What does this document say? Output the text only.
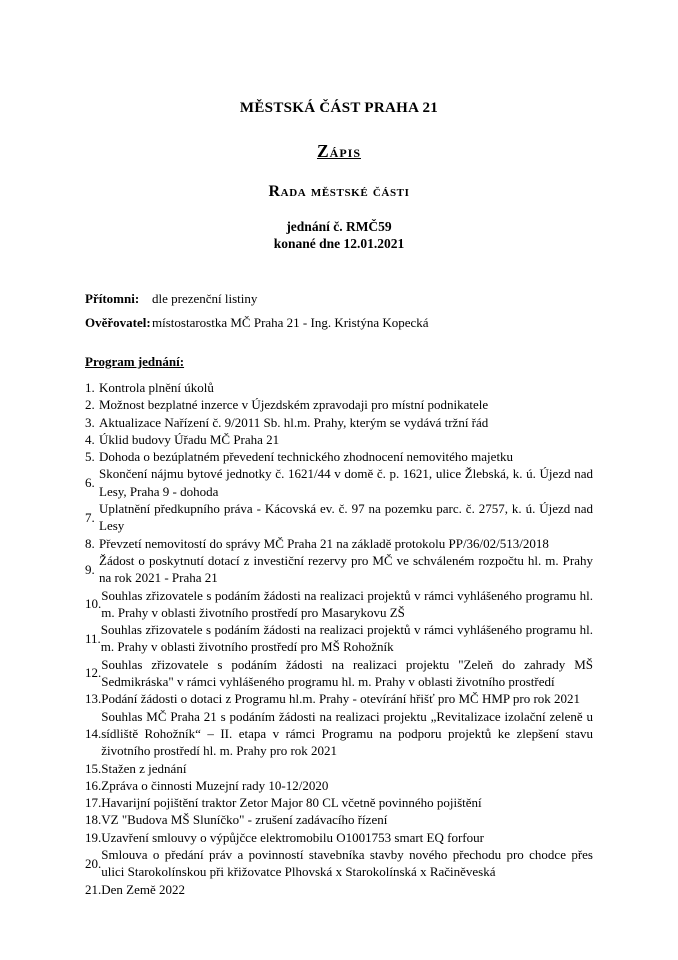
MĚSTSKÁ ČÁST PRAHA 21
Zápis
Rada městské části
jednání č. RMČ59
konané dne 12.01.2021
Přítomni: dle prezenční listiny
Ověřovatel: místostarostka MČ Praha 21 - Ing. Kristýna Kopecká
Program jednání:
1. Kontrola plnění úkolů
2. Možnost bezplatné inzerce v Újezdském zpravodaji pro místní podnikatele
3. Aktualizace Nařízení č. 9/2011 Sb. hl.m. Prahy, kterým se vydává tržní řád
4. Úklid budovy Úřadu MČ Praha 21
5. Dohoda o bezúplatném převedení technického zhodnocení nemovitého majetku
6.
Skončení nájmu bytové jednotky č. 1621/44 v domě č. p. 1621, ulice Žlebská, k. ú. Újezd nad Lesy, Praha 9 - dohoda
7.
Uplatnění předkupního práva - Kácovská ev. č. 97 na pozemku parc. č. 2757, k. ú. Újezd nad Lesy
8. Převzetí nemovitostí do správy MČ Praha 21 na základě protokolu PP/36/02/513/2018
9.
Žádost o poskytnutí dotací z investiční rezervy pro MČ ve schváleném rozpočtu hl. m. Prahy na rok 2021 - Praha 21
10.
Souhlas zřizovatele s podáním žádosti na realizaci projektů v rámci vyhlášeného programu hl. m. Prahy v oblasti životního prostředí pro Masarykovu ZŠ
11.
Souhlas zřizovatele s podáním žádosti na realizaci projektů v rámci vyhlášeného programu hl. m. Prahy v oblasti životního prostředí pro MŠ Rohožník
12.
Souhlas zřizovatele s podáním žádosti na realizaci projektu "Zeleň do zahrady MŠ Sedmikráska" v rámci vyhlášeného programu hl. m. Prahy v oblasti životního prostředí
13. Podání žádosti o dotaci z Programu hl.m. Prahy - otevírání hřišť pro MČ HMP pro rok 2021
14.
Souhlas MČ Praha 21 s podáním žádosti na realizaci projektu „Revitalizace izolační zeleně u sídliště Rohožník“ – II. etapa v rámci Programu na podporu projektů ke zlepšení stavu životního prostředí hl. m. Prahy pro rok 2021
15. Stažen z jednání
16. Zpráva o činnosti Muzejní rady 10-12/2020
17. Havarijní pojištění traktor Zetor Major 80 CL včetně povinného pojištění
18. VZ "Budova MŠ Sluníčko" - zrušení zadávacího řízení
19. Uzavření smlouvy o výpůjčce elektromobilu O1001753 smart EQ forfour
20.
Smlouva o předání práv a povinností stavebníka stavby nového přechodu pro chodce přes ulici Starokolínskou při křižovatce Plhovská x Starokolínská x Račiněveská
21. Den Země 2022
